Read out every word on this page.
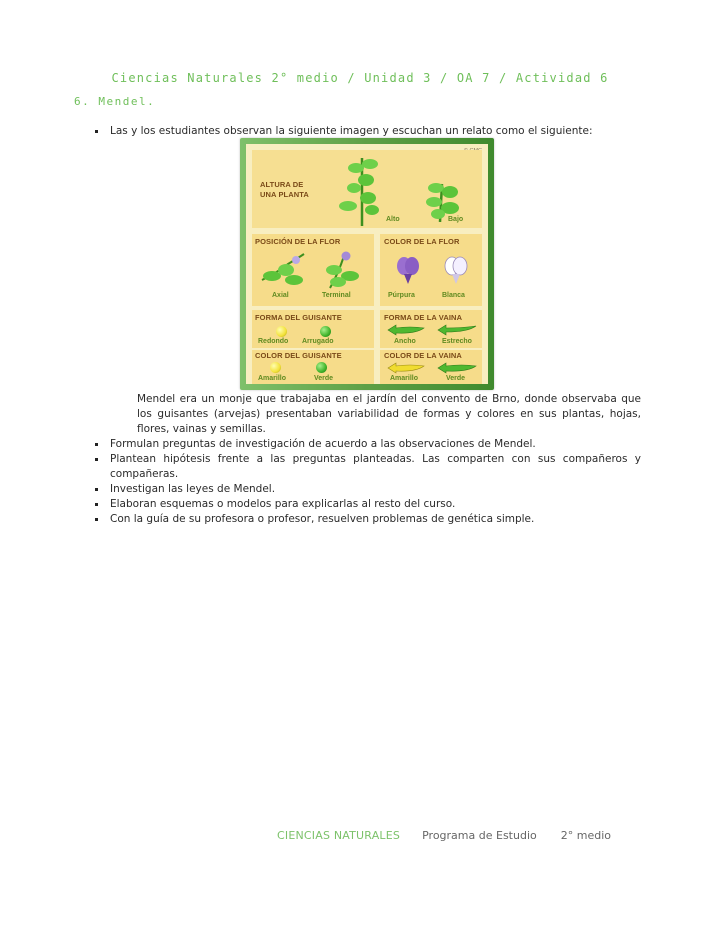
Ciencias Naturales 2° medio / Unidad 3 / OA 7 / Actividad 6
6. Mendel.
Las y los estudiantes observan la siguiente imagen y escuchan un relato como el siguiente:
ALTURA DE
UNA PLANTA
Alto	Bajo
POSICIÓN DE LA FLOR
Axial	Terminal
COLOR DE LA FLOR
Púrpura	Blanca
FORMA DEL GUISANTE
Redondo Arrugado
FORMA DE LA VAINA
Ancho	Estrecho
COLOR DEL GUISANTE
Amarillo	Verde
COLOR DE LA VAINA
Amarillo	Verde
Mendel era un monje que trabajaba en el jardín del convento de Brno, donde observaba que los guisantes (arvejas) presentaban variabilidad de formas y colores en sus plantas, hojas, flores, vainas y semillas.
Formulan preguntas de investigación de acuerdo a las observaciones de Mendel.
Plantean hipótesis frente a las preguntas planteadas. Las comparten con sus compañeros y compañeras.
Investigan las leyes de Mendel.
Elaboran esquemas o modelos para explicarlas al resto del curso.
Con la guía de su profesora o profesor, resuelven problemas de genética simple.
CIENCIAS NATURALES Programa de Estudio 2° medio
